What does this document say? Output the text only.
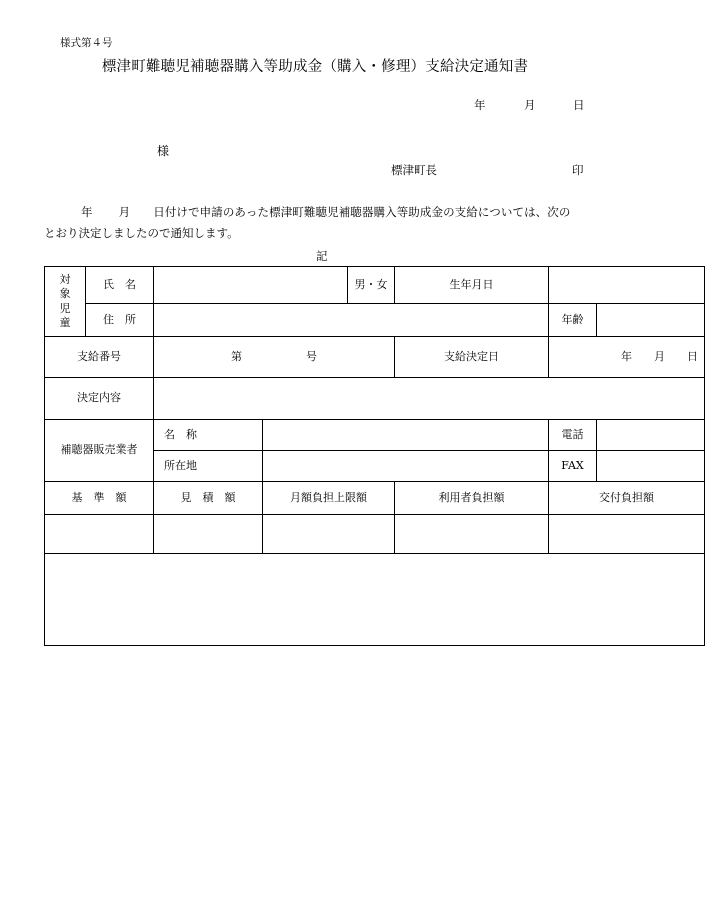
様式第４号
標津町難聴児補聴器購入等助成金（購入・修理）支給決定通知書
年	月	日
様
標津町長	印
年 月 日付けで申請のあった標津町難聴児補聴器購入等助成金の支給については、次の
とおり決定しましたので通知します。
記
対
象
児
童	氏　名			男・女	生年月日		
	住　所					年齢	
支給番号		第 号			支給決定日	年 月 日	
決定内容							
補聴器販売業者		名　称				電話	
		所在地				FAX	
基　準　額		見　積　額	月額負担上限額		利用者負担額	交付負担額	
